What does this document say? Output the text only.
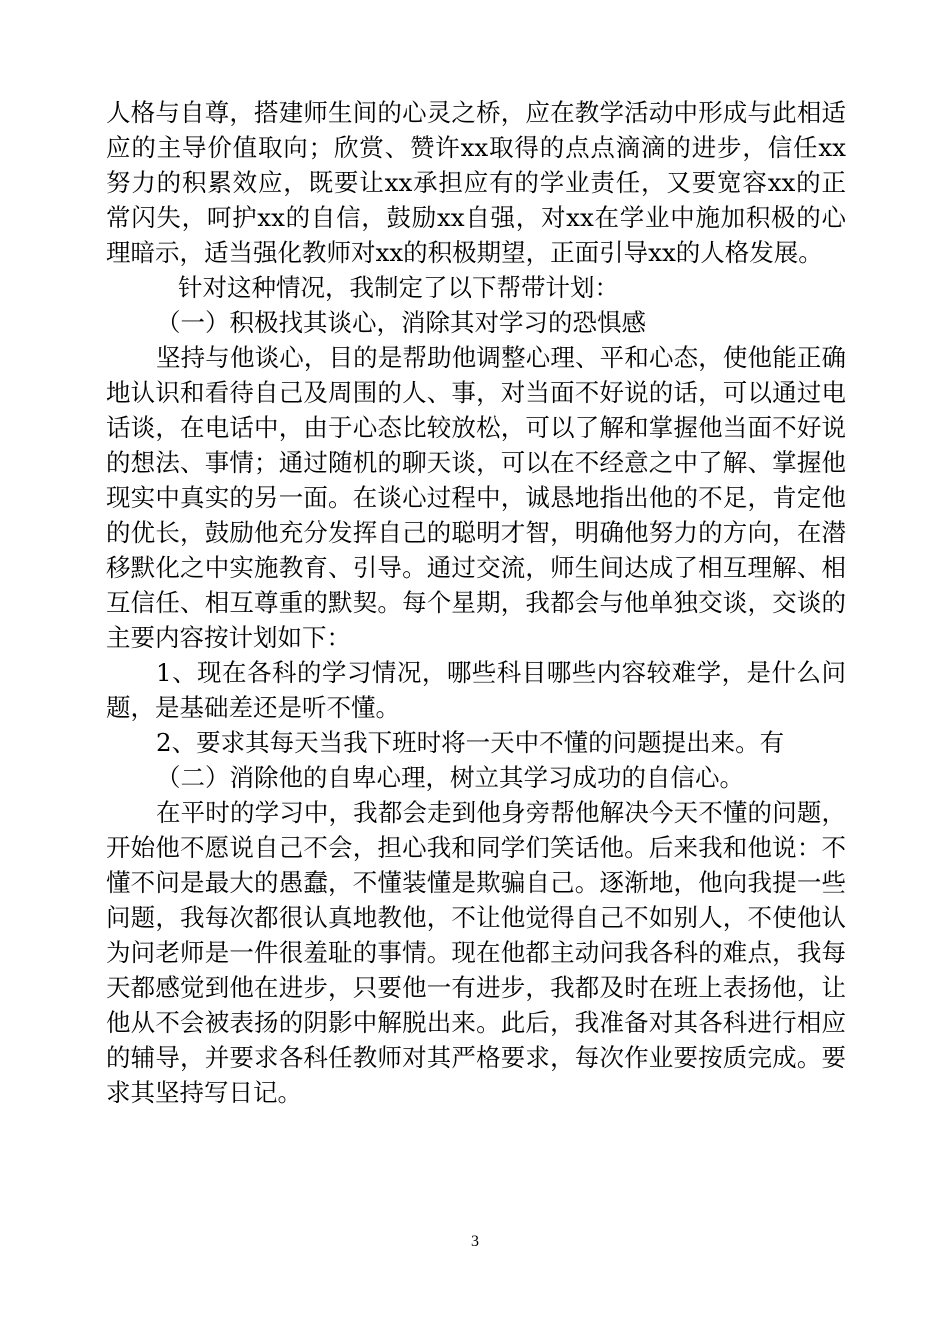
人格与自尊，搭建师生间的心灵之桥，应在教学活动中形成与此相适应的主导价值取向；欣赏、赞许xx取得的点点滴滴的进步，信任xx努力的积累效应，既要让xx承担应有的学业责任，又要宽容xx的正常闪失，呵护xx的自信，鼓励xx自强，对xx在学业中施加积极的心理暗示，适当强化教师对xx的积极期望，正面引导xx的人格发展。

针对这种情况，我制定了以下帮带计划：

（一）积极找其谈心，消除其对学习的恐惧感

坚持与他谈心，目的是帮助他调整心理、平和心态，使他能正确地认识和看待自己及周围的人、事，对当面不好说的话，可以通过电话谈，在电话中，由于心态比较放松，可以了解和掌握他当面不好说的想法、事情；通过随机的聊天谈，可以在不经意之中了解、掌握他现实中真实的另一面。在谈心过程中，诚恳地指出他的不足，肯定他的优长，鼓励他充分发挥自己的聪明才智，明确他努力的方向，在潜移默化之中实施教育、引导。通过交流，师生间达成了相互理解、相互信任、相互尊重的默契。每个星期，我都会与他单独交谈，交谈的主要内容按计划如下：

1、现在各科的学习情况，哪些科目哪些内容较难学，是什么问题，是基础差还是听不懂。

2、要求其每天当我下班时将一天中不懂的问题提出来。有

（二）消除他的自卑心理，树立其学习成功的自信心。

在平时的学习中，我都会走到他身旁帮他解决今天不懂的问题，开始他不愿说自己不会，担心我和同学们笑话他。后来我和他说：不懂不问是最大的愚蠢，不懂装懂是欺骗自己。逐渐地，他向我提一些问题，我每次都很认真地教他，不让他觉得自己不如别人，不使他认为问老师是一件很羞耻的事情。现在他都主动问我各科的难点，我每天都感觉到他在进步，只要他一有进步，我都及时在班上表扬他，让他从不会被表扬的阴影中解脱出来。此后，我准备对其各科进行相应的辅导，并要求各科任教师对其严格要求，每次作业要按质完成。要求其坚持写日记。

3
